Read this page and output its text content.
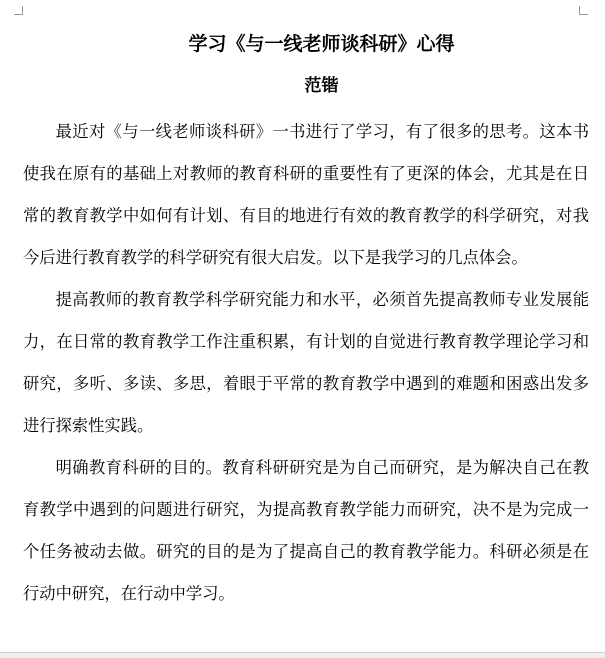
学习《与一线老师谈科研》心得
范锴

最近对《与一线老师谈科研》一书进行了学习，有了很多的思考。这本书使我在原有的基础上对教师的教育科研的重要性有了更深的体会，尤其是在日常的教育教学中如何有计划、有目的地进行有效的教育教学的科学研究，对我今后进行教育教学的科学研究有很大启发。以下是我学习的几点体会。

提高教师的教育教学科学研究能力和水平，必须首先提高教师专业发展能力，在日常的教育教学工作注重积累，有计划的自觉进行教育教学理论学习和研究，多听、多读、多思，着眼于平常的教育教学中遇到的难题和困惑出发多进行探索性实践。

明确教育科研的目的。教育科研研究是为自己而研究，是为解决自己在教育教学中遇到的问题进行研究，为提高教育教学能力而研究，决不是为完成一个任务被动去做。研究的目的是为了提高自己的教育教学能力。科研必须是在行动中研究，在行动中学习。
